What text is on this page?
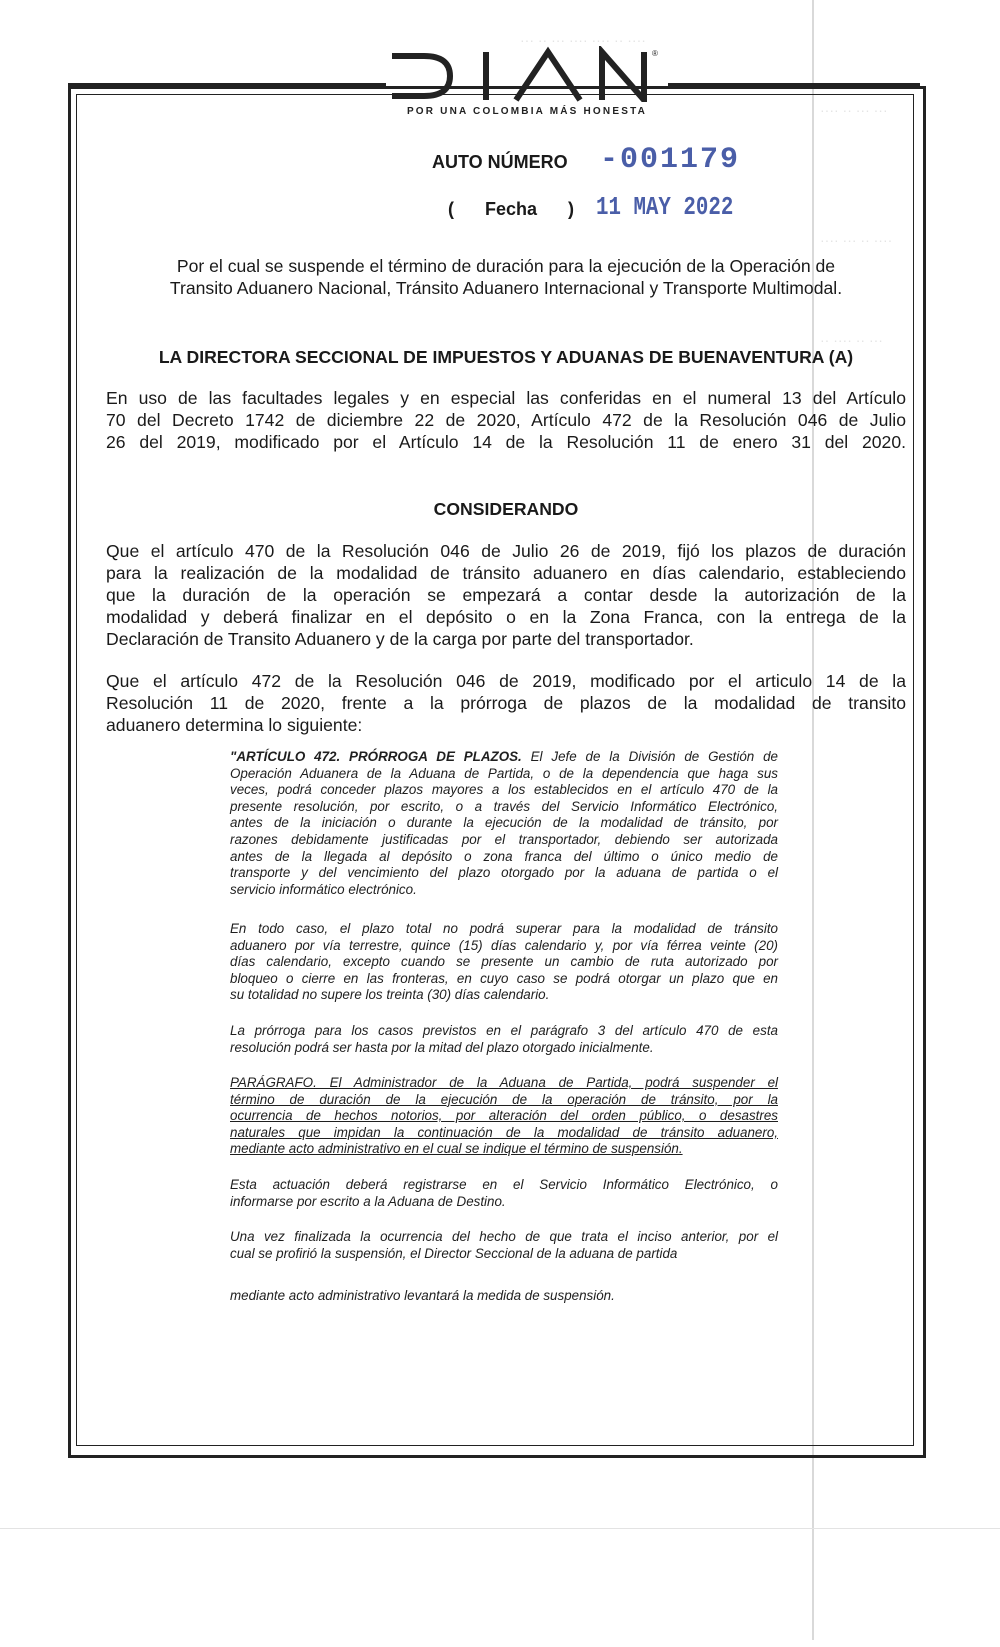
··· ·· ··· ···· ···· ·· ····
···· ·· ··· ···
···· ··· ·· ····
·· ···· ·· ···
®
POR UNA COLOMBIA MÁS HONESTA
AUTO NÚMERO -001179
( Fecha ) 11 MAY 2022
Por el cual se suspende el término de duración para la ejecución de la Operación de
Transito Aduanero Nacional, Tránsito Aduanero Internacional y Transporte Multimodal.
LA DIRECTORA SECCIONAL DE IMPUESTOS Y ADUANAS DE BUENAVENTURA (A)
En uso de las facultades legales y en especial las conferidas en el numeral 13 del Artículo
70 del Decreto 1742 de diciembre 22 de 2020, Artículo 472 de la Resolución 046 de Julio
26 del 2019, modificado por el Artículo 14 de la Resolución 11 de enero 31 del 2020.
CONSIDERANDO
Que el artículo 470 de la Resolución 046 de Julio 26 de 2019, fijó los plazos de duración
para la realización de la modalidad de tránsito aduanero en días calendario, estableciendo
que la duración de la operación se empezará a contar desde la autorización de la
modalidad y deberá finalizar en el depósito o en la Zona Franca, con la entrega de la
Declaración de Transito Aduanero y de la carga por parte del transportador.
Que el artículo 472 de la Resolución 046 de 2019, modificado por el articulo 14 de la
Resolución 11 de 2020, frente a la prórroga de plazos de la modalidad de transito
aduanero determina lo siguiente:

"ARTÍCULO 472. PRÓRROGA DE PLAZOS. El Jefe de la División de Gestión de

Operación Aduanera de la Aduana de Partida, o de la dependencia que haga sus

veces, podrá conceder plazos mayores a los establecidos en el artículo 470 de la

presente resolución, por escrito, o a través del Servicio Informático Electrónico,

antes de la iniciación o durante la ejecución de la modalidad de tránsito, por

razones debidamente justificadas por el transportador, debiendo ser autorizada

antes de la llegada al depósito o zona franca del último o único medio de

transporte y del vencimiento del plazo otorgado por la aduana de partida o el

servicio informático electrónico.

En todo caso, el plazo total no podrá superar para la modalidad de tránsito

aduanero por vía terrestre, quince (15) días calendario y, por vía férrea veinte (20)

días calendario, excepto cuando se presente un cambio de ruta autorizado por

bloqueo o cierre en las fronteras, en cuyo caso se podrá otorgar un plazo que en

su totalidad no supere los treinta (30) días calendario.

La prórroga para los casos previstos en el parágrafo 3 del artículo 470 de esta

resolución podrá ser hasta por la mitad del plazo otorgado inicialmente.

PARÁGRAFO. El Administrador de la Aduana de Partida, podrá suspender el

término de duración de la ejecución de la operación de tránsito, por la

ocurrencia de hechos notorios, por alteración del orden público, o desastres

naturales que impidan la continuación de la modalidad de tránsito aduanero,

mediante acto administrativo en el cual se indique el término de suspensión.

Esta actuación deberá registrarse en el Servicio Informático Electrónico, o

informarse por escrito a la Aduana de Destino.

Una vez finalizada la ocurrencia del hecho de que trata el inciso anterior, por el

cual se profirió la suspensión, el Director Seccional de la aduana de partida

mediante acto administrativo levantará la medida de suspensión.
